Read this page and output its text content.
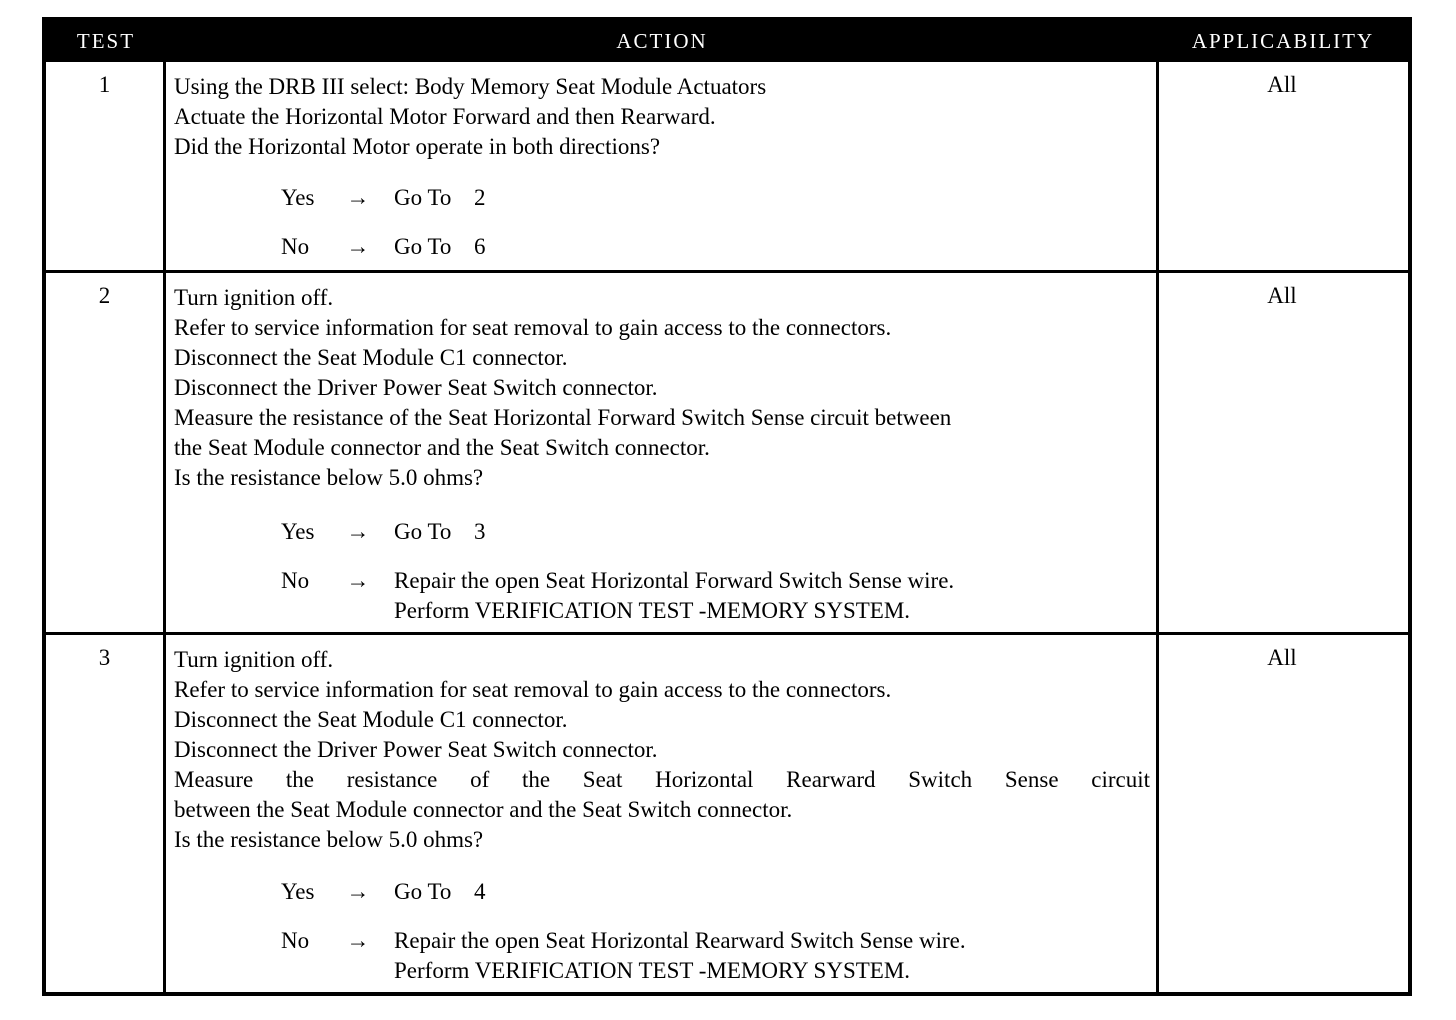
TEST	ACTION	APPLICABILITY
1	Using the DRB III select: Body Memory Seat Module Actuators
Actuate the Horizontal Motor Forward and then Rearward.
Did the Horizontal Motor operate in both directions?
Yes	→ Go To 2
No	→ Go To 6
All
2	Turn ignition off.
Refer to service information for seat removal to gain access to the connectors.
Disconnect the Seat Module C1 connector.
Disconnect the Driver Power Seat Switch connector.
Measure the resistance of the Seat Horizontal Forward Switch Sense circuit between
the Seat Module connector and the Seat Switch connector.
Is the resistance below 5.0 ohms?
Yes	→ Go To 3
No	→ Repair the open Seat Horizontal Forward Switch Sense wire.
Perform VERIFICATION TEST -MEMORY SYSTEM.
All
3	Turn ignition off.
Refer to service information for seat removal to gain access to the connectors.
Disconnect the Seat Module C1 connector.
Disconnect the Driver Power Seat Switch connector.
Measure the resistance of the Seat Horizontal Rearward Switch Sense circuit
between the Seat Module connector and the Seat Switch connector.
Is the resistance below 5.0 ohms?
Yes	→ Go To 4
No	→ Repair the open Seat Horizontal Rearward Switch Sense wire.
Perform VERIFICATION TEST -MEMORY SYSTEM.
All
